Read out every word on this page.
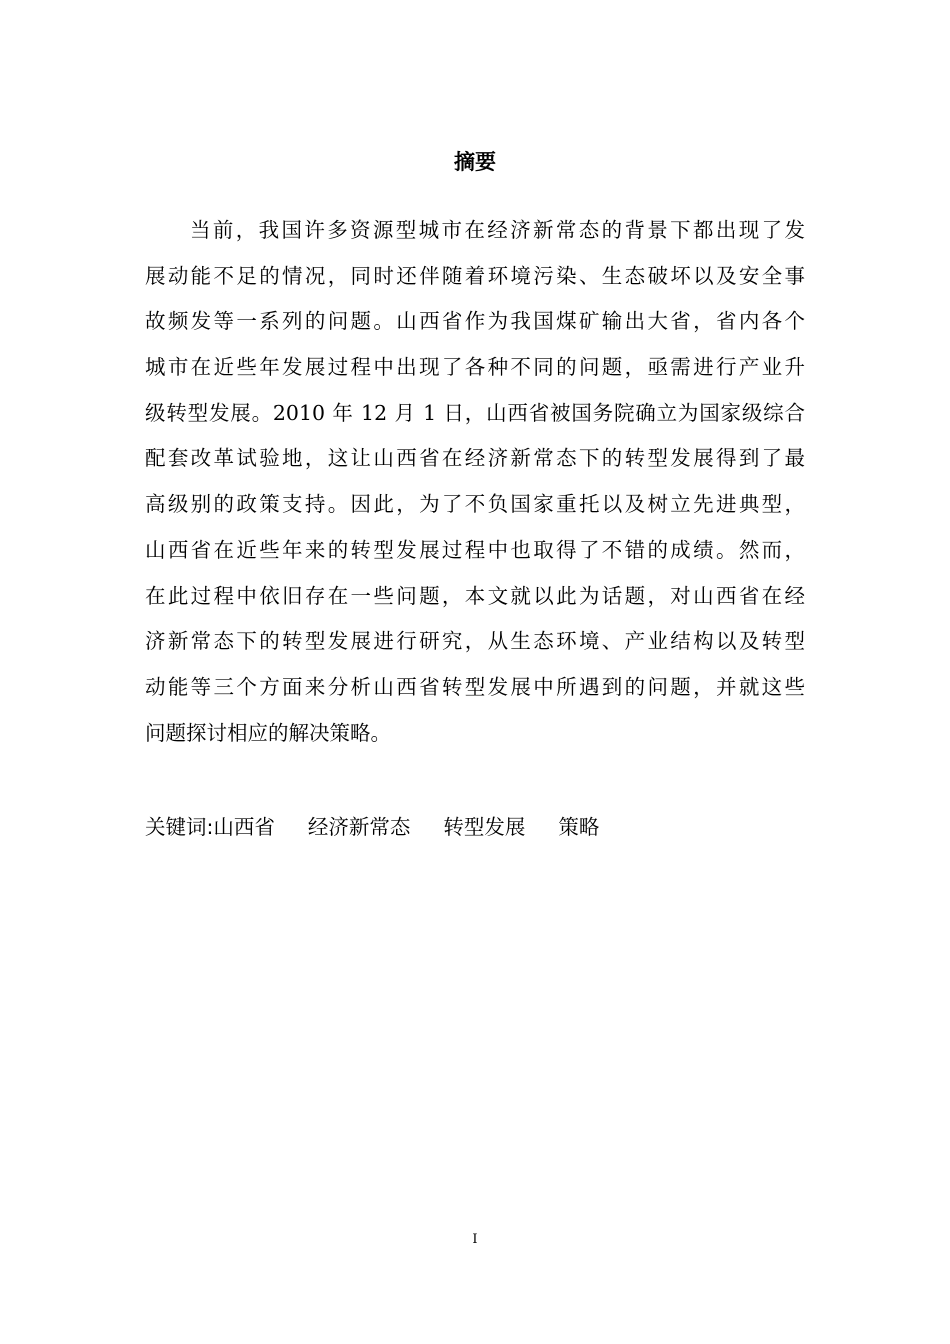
摘要
当前，我国许多资源型城市在经济新常态的背景下都出现了发
展动能不足的情况，同时还伴随着环境污染、生态破坏以及安全事
故频发等一系列的问题。山西省作为我国煤矿输出大省，省内各个
城市在近些年发展过程中出现了各种不同的问题，亟需进行产业升
级转型发展。2010 年 12 月 1 日，山西省被国务院确立为国家级综合
配套改革试验地，这让山西省在经济新常态下的转型发展得到了最
高级别的政策支持。因此，为了不负国家重托以及树立先进典型，
山西省在近些年来的转型发展过程中也取得了不错的成绩。然而，
在此过程中依旧存在一些问题，本文就以此为话题，对山西省在经
济新常态下的转型发展进行研究，从生态环境、产业结构以及转型
动能等三个方面来分析山西省转型发展中所遇到的问题，并就这些
问题探讨相应的解决策略。
关键词:山西省 经济新常态 转型发展 策略
I
